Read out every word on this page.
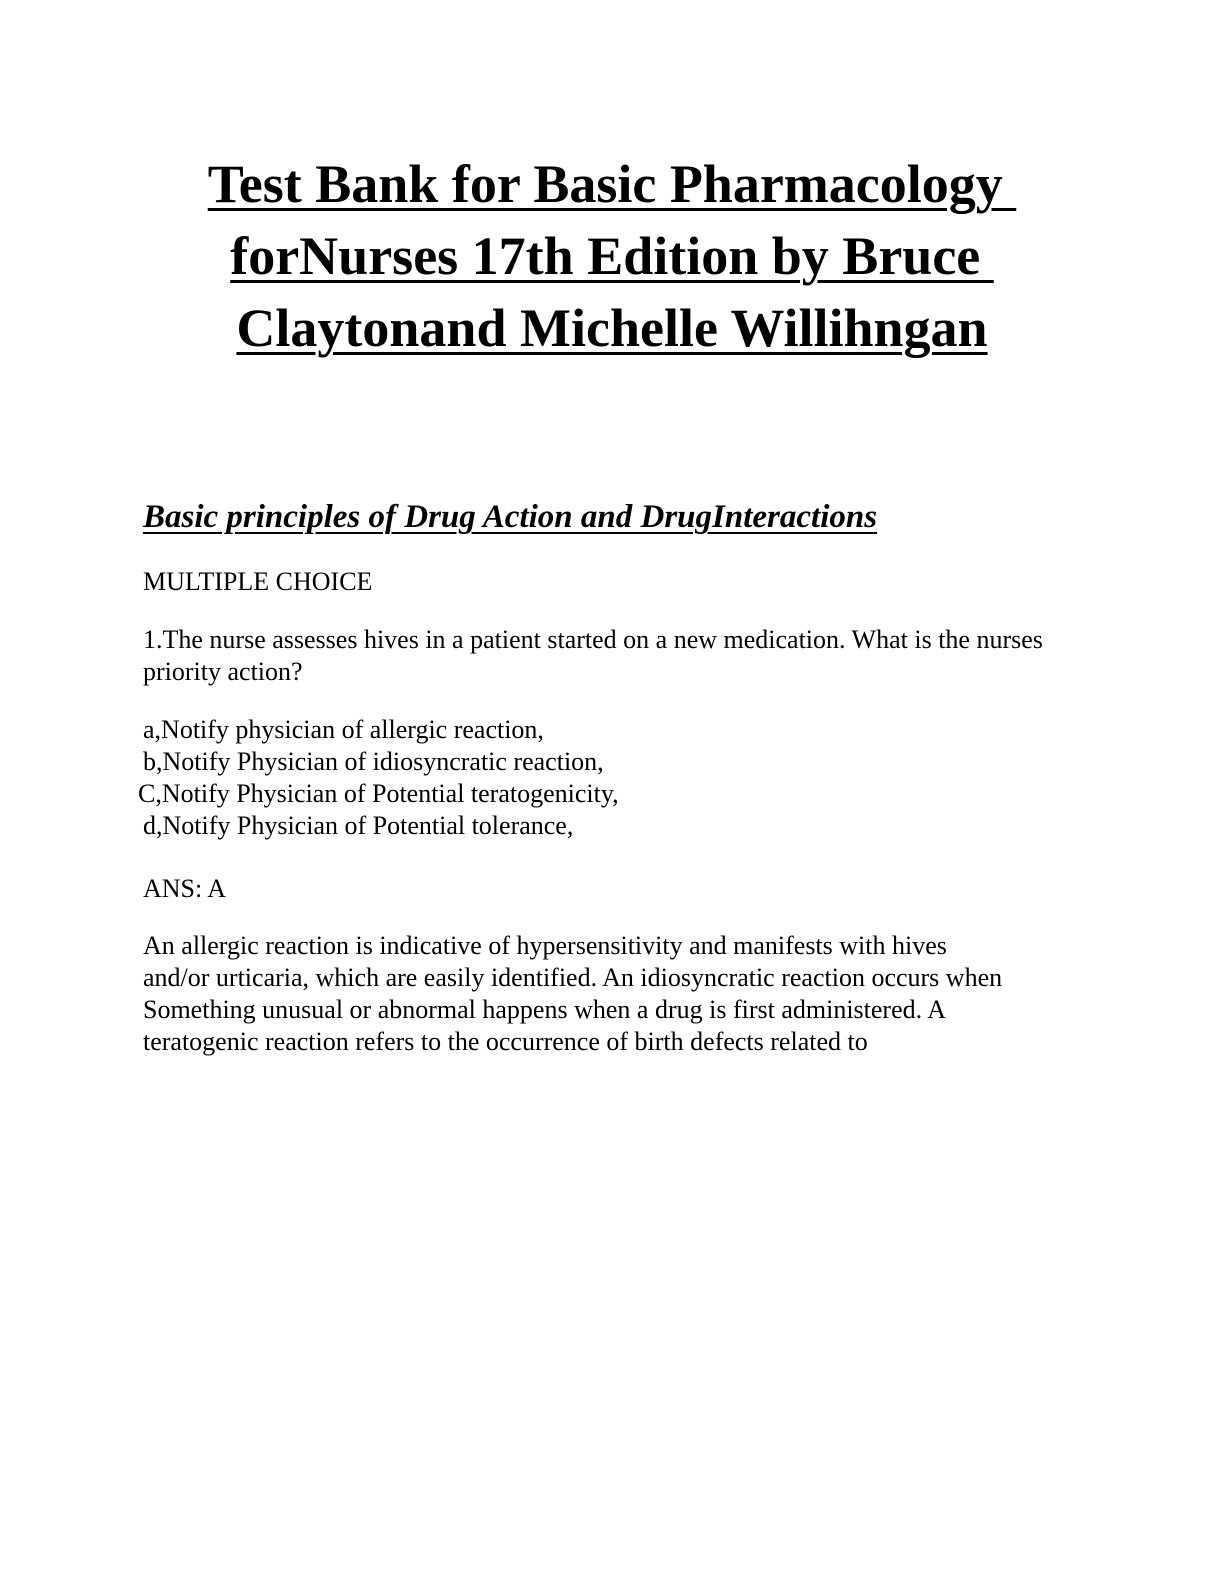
Test Bank for Basic Pharmacology
forNurses 17th Edition by Bruce
Claytonand Michelle Willihngan
Basic principles of Drug Action and DrugInteractions

MULTIPLE CHOICE

1.The nurse assesses hives in a patient started on a new medication. What is the nurses priority action?

a,Notify physician of allergic reaction,
b,Notify Physician of idiosyncratic reaction,
C,Notify Physician of Potential teratogenicity,
d,Notify Physician of Potential tolerance,

ANS: A

An allergic reaction is indicative of hypersensitivity and manifests with hives
and/or urticaria, which are easily identified. An idiosyncratic reaction occurs when
Something unusual or abnormal happens when a drug is first administered. A
teratogenic reaction refers to the occurrence of birth defects related to
